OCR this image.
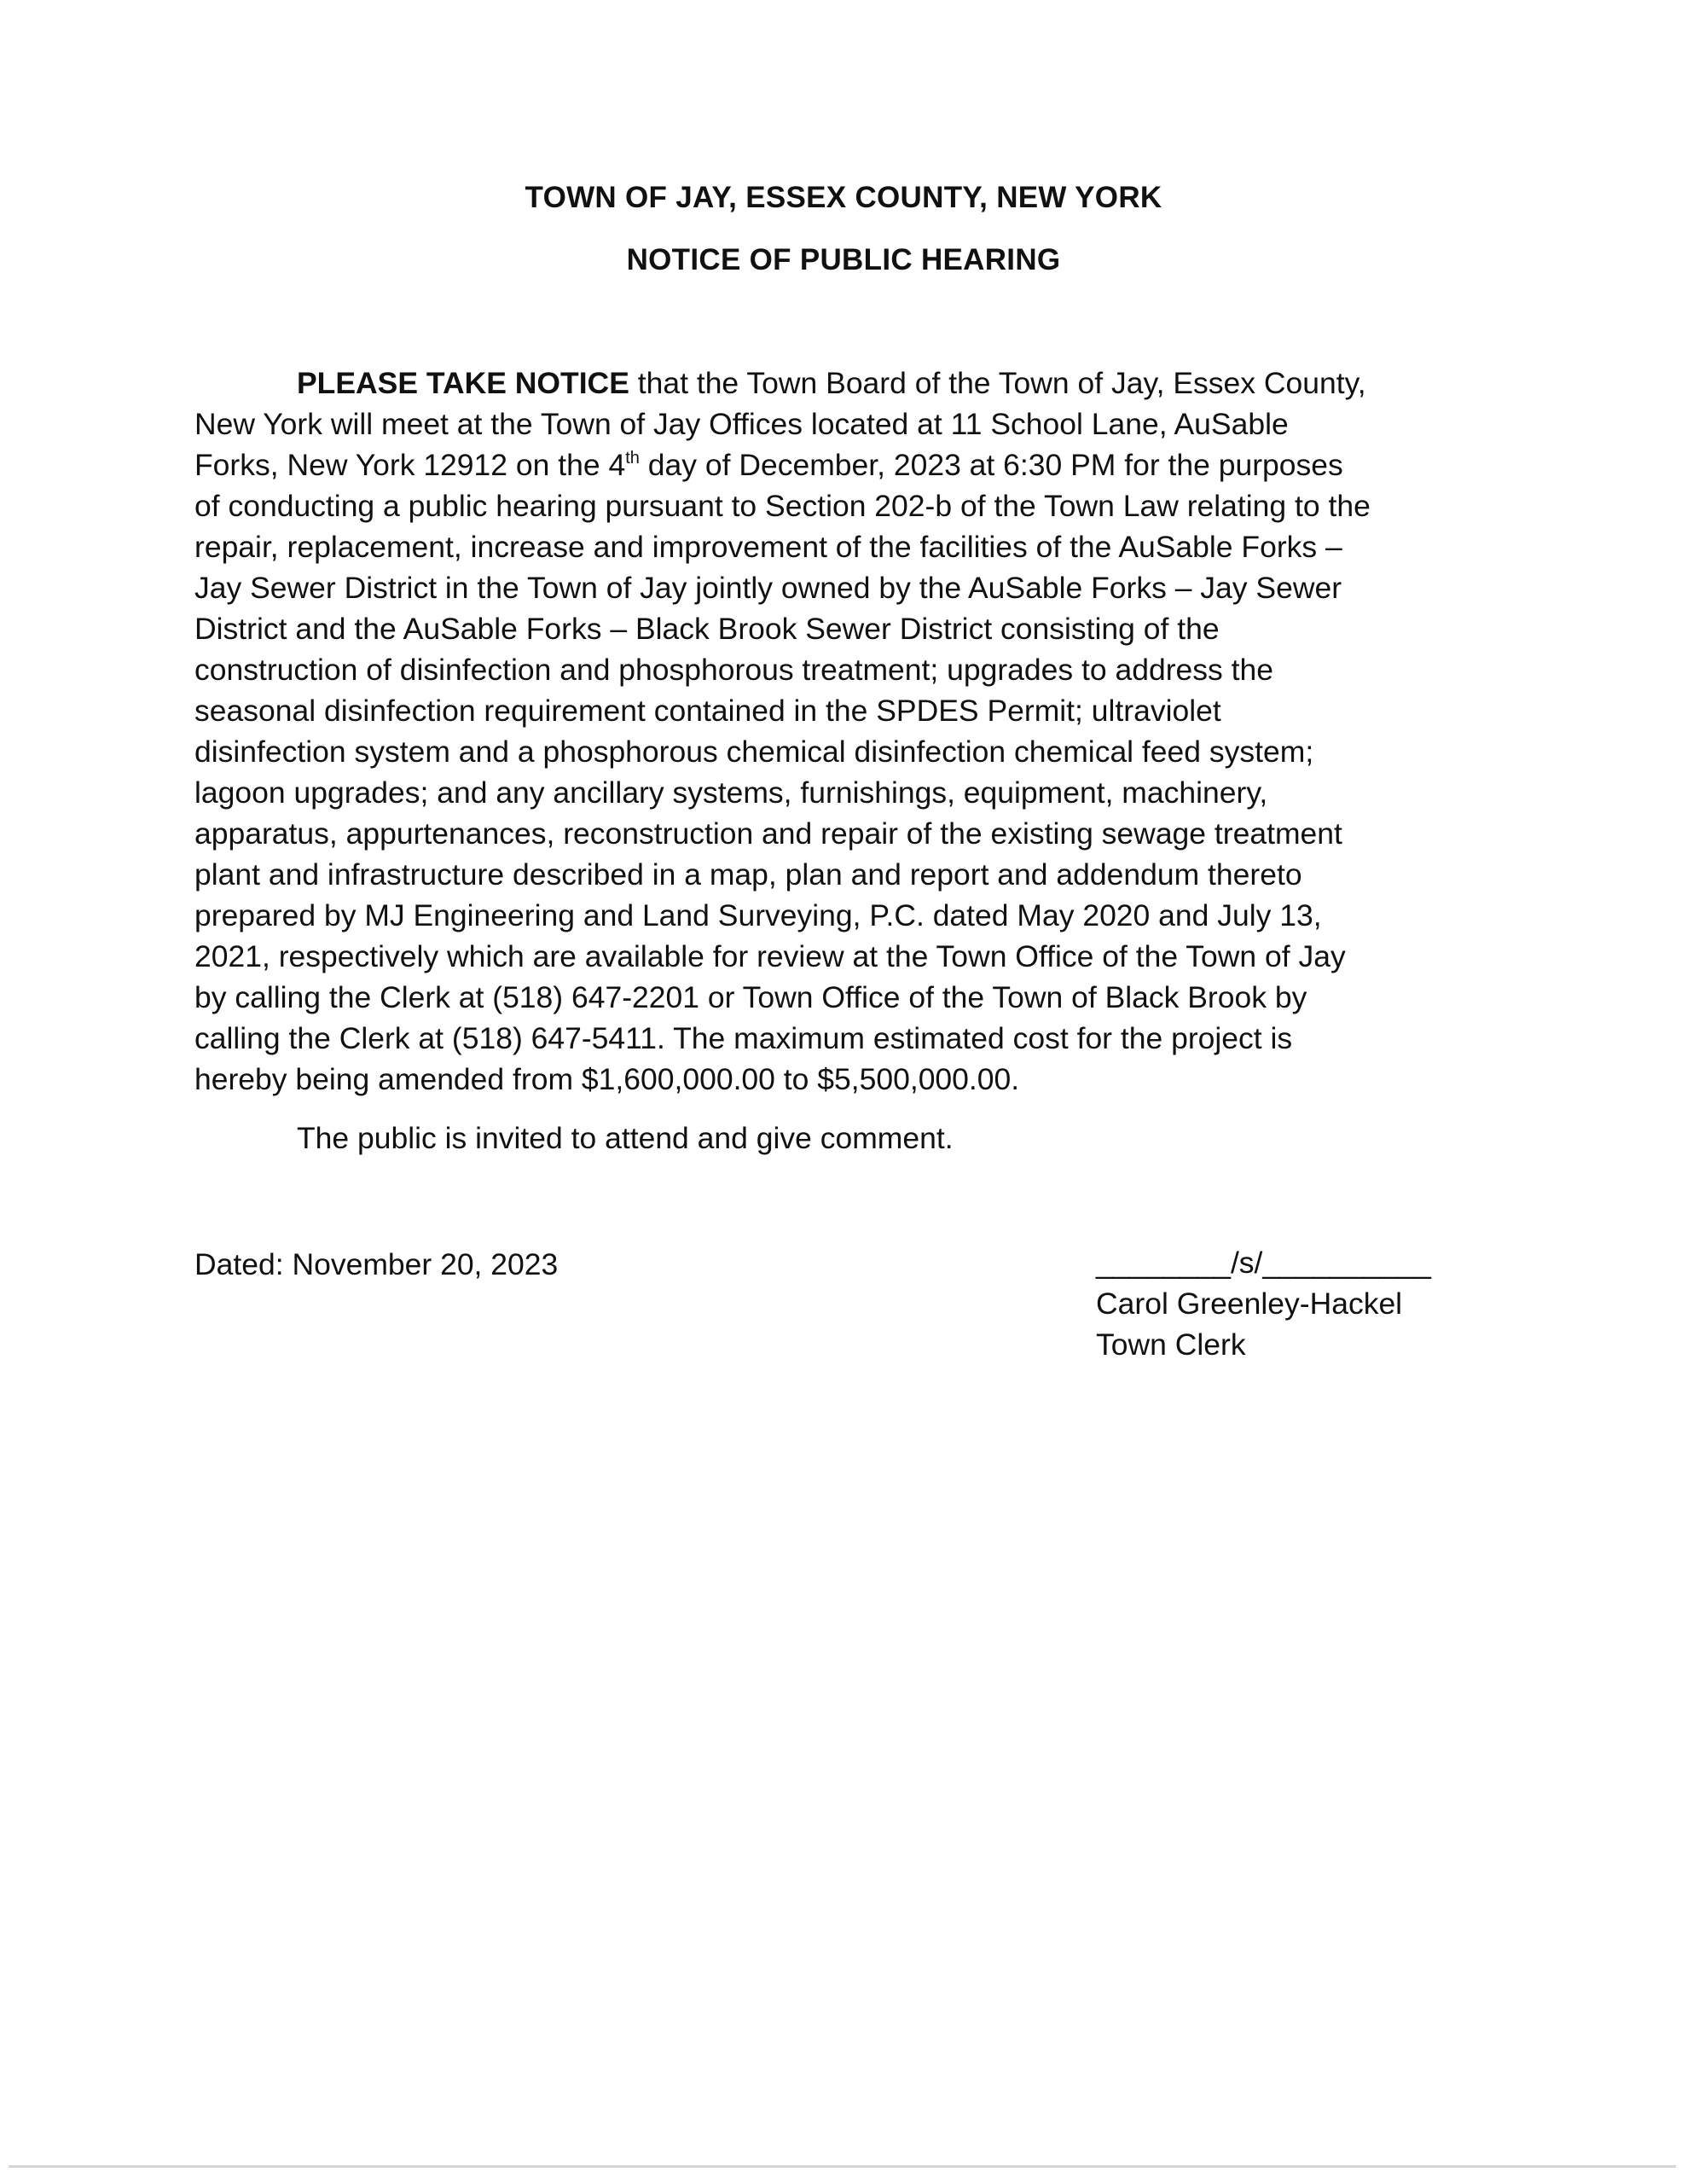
TOWN OF JAY, ESSEX COUNTY, NEW YORK
NOTICE OF PUBLIC HEARING
PLEASE TAKE NOTICE that the Town Board of the Town of Jay, Essex County,
New York will meet at the Town of Jay Offices located at 11 School Lane, AuSable
Forks, New York 12912 on the 4th day of December, 2023 at 6:30 PM for the purposes
of conducting a public hearing pursuant to Section 202-b of the Town Law relating to the
repair, replacement, increase and improvement of the facilities of the AuSable Forks –
Jay Sewer District in the Town of Jay jointly owned by the AuSable Forks – Jay Sewer
District and the AuSable Forks – Black Brook Sewer District consisting of the
construction of disinfection and phosphorous treatment; upgrades to address the
seasonal disinfection requirement contained in the SPDES Permit; ultraviolet
disinfection system and a phosphorous chemical disinfection chemical feed system;
lagoon upgrades; and any ancillary systems, furnishings, equipment, machinery,
apparatus, appurtenances, reconstruction and repair of the existing sewage treatment
plant and infrastructure described in a map, plan and report and addendum thereto
prepared by MJ Engineering and Land Surveying, P.C. dated May 2020 and July 13,
2021, respectively which are available for review at the Town Office of the Town of Jay
by calling the Clerk at (518) 647-2201 or Town Office of the Town of Black Brook by
calling the Clerk at (518) 647-5411. The maximum estimated cost for the project is
hereby being amended from $1,600,000.00 to $5,500,000.00.
The public is invited to attend and give comment.
Dated: November 20, 2023	________/s/__________
Carol Greenley-Hackel
Town Clerk
